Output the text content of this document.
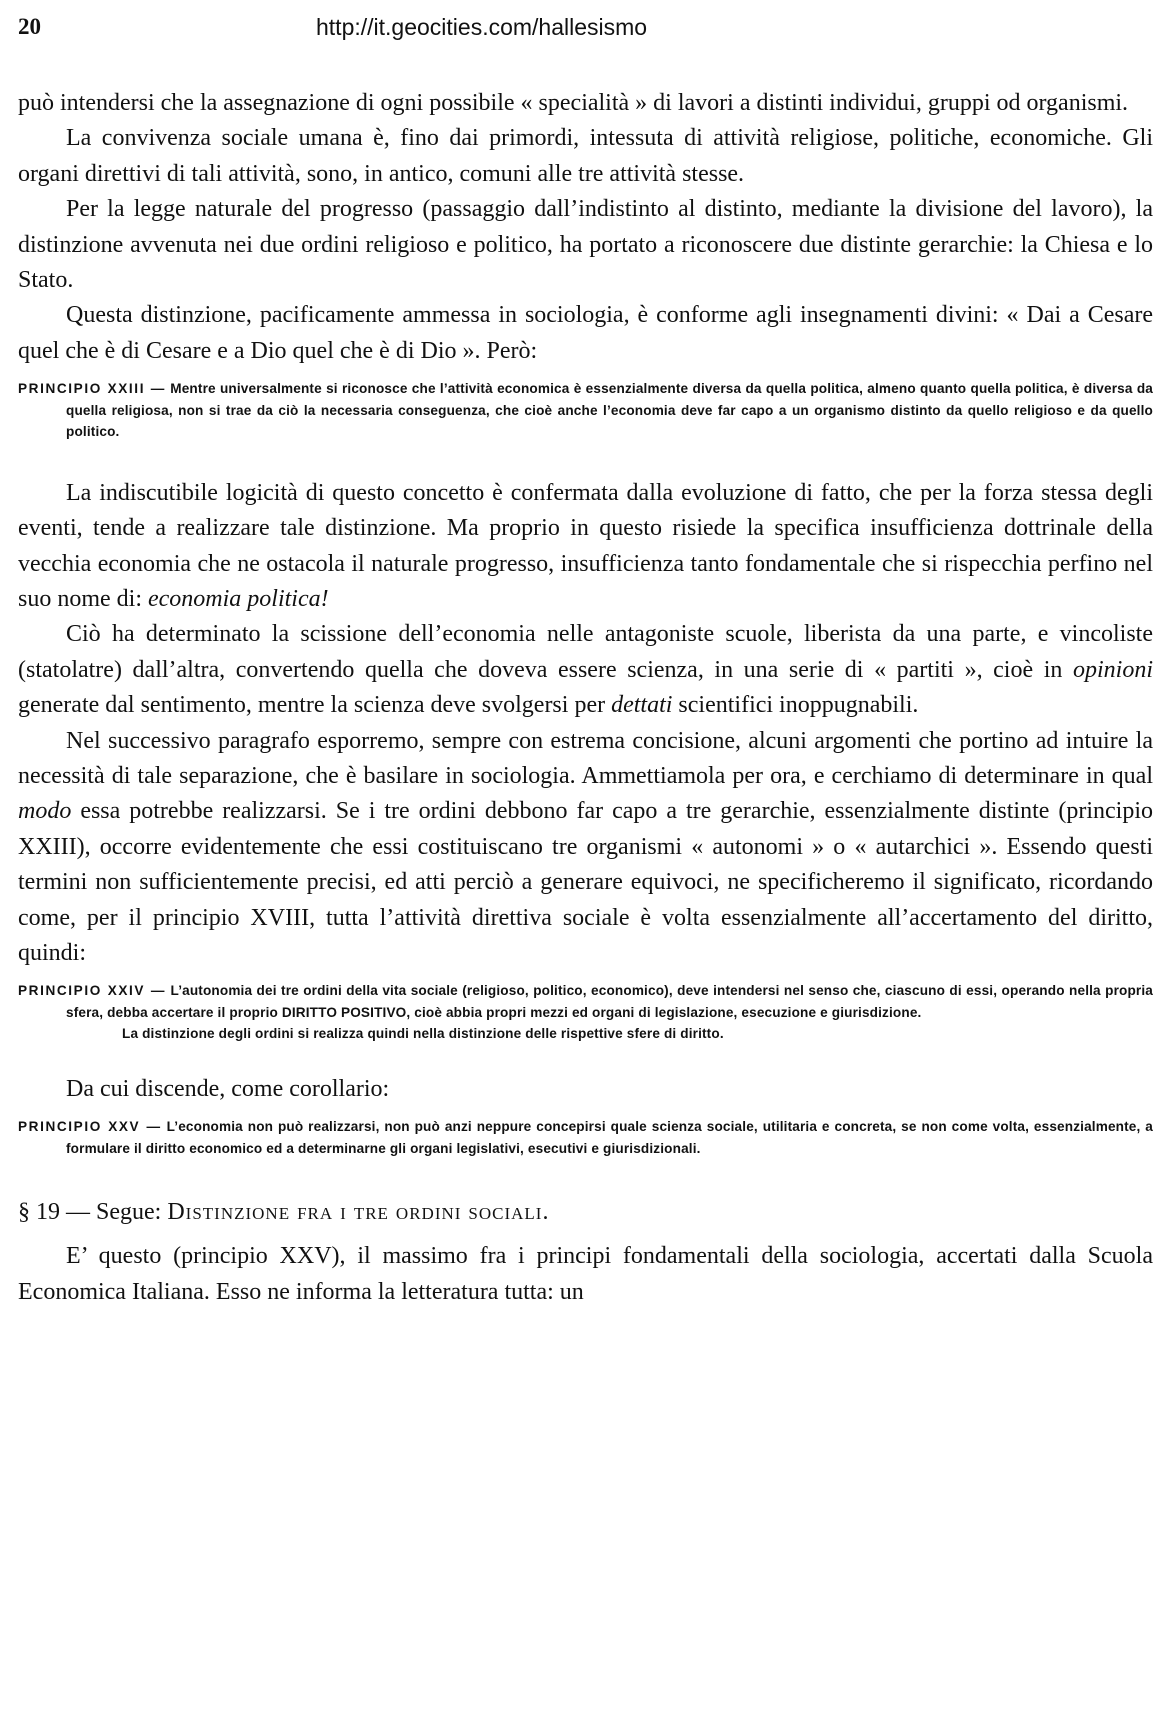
20	http://it.geocities.com/hallesismo

può intendersi che la assegnazione di ogni possibile « specialità » di lavori a distinti individui, gruppi od organismi.

La convivenza sociale umana è, fino dai primordi, intessuta di attività religiose, politiche, economiche. Gli organi direttivi di tali attività, sono, in antico, comuni alle tre attività stesse.

Per la legge naturale del progresso (passaggio dall’indistinto al distinto, mediante la divisione del lavoro), la distinzione avvenuta nei due ordini religioso e politico, ha portato a riconoscere due distinte gerarchie: la Chiesa e lo Stato.

Questa distinzione, pacificamente ammessa in sociologia, è conforme agli insegnamenti divini: « Dai a Cesare quel che è di Cesare e a Dio quel che è di Dio ». Però:

PRINCIPIO XXIII — Mentre universalmente si riconosce che l’attività economica è essenzialmente diversa da quella politica, almeno quanto quella politica, è diversa da quella religiosa, non si trae da ciò la necessaria conseguenza, che cioè anche l’economia deve far capo a un organismo distinto da quello religioso e da quello politico.

La indiscutibile logicità di questo concetto è confermata dalla evoluzione di fatto, che per la forza stessa degli eventi, tende a realizzare tale distinzione. Ma proprio in questo risiede la specifica insufficienza dottrinale della vecchia economia che ne ostacola il naturale progresso, insufficienza tanto fondamentale che si rispecchia perfino nel suo nome di: economia politica!

Ciò ha determinato la scissione dell’economia nelle antagoniste scuole, liberista da una parte, e vincoliste (statolatre) dall’altra, convertendo quella che doveva essere scienza, in una serie di « partiti », cioè in opinioni generate dal sentimento, mentre la scienza deve svolgersi per dettati scientifici inoppugnabili.

Nel successivo paragrafo esporremo, sempre con estrema concisione, alcuni argomenti che portino ad intuire la necessità di tale separazione, che è basilare in sociologia. Ammettiamola per ora, e cerchiamo di determinare in qual modo essa potrebbe realizzarsi. Se i tre ordini debbono far capo a tre gerarchie, essenzialmente distinte (principio XXIII), occorre evidentemente che essi costituiscano tre organismi « autonomi » o « autarchici ». Essendo questi termini non sufficientemente precisi, ed atti perciò a generare equivoci, ne specificheremo il significato, ricordando come, per il principio XVIII, tutta l’attività direttiva sociale è volta essenzialmente all’accertamento del diritto, quindi:

PRINCIPIO XXIV — L’autonomia dei tre ordini della vita sociale (religioso, politico, economico), deve intendersi nel senso che, ciascuno di essi, operando nella propria sfera, debba accertare il proprio DIRITTO POSITIVO, cioè abbia propri mezzi ed organi di legislazione, esecuzione e giurisdizione.
La distinzione degli ordini si realizza quindi nella distinzione delle rispettive sfere di diritto.

Da cui discende, come corollario:

PRINCIPIO XXV — L’economia non può realizzarsi, non può anzi neppure concepirsi quale scienza sociale, utilitaria e concreta, se non come volta, essenzialmente, a formulare il diritto economico ed a determinarne gli organi legislativi, esecutivi e giurisdizionali.

§ 19 — Segue: Distinzione fra i tre ordini sociali.

E’ questo (principio XXV), il massimo fra i principi fondamentali della sociologia, accertati dalla Scuola Economica Italiana. Esso ne informa la letteratura tutta: un
